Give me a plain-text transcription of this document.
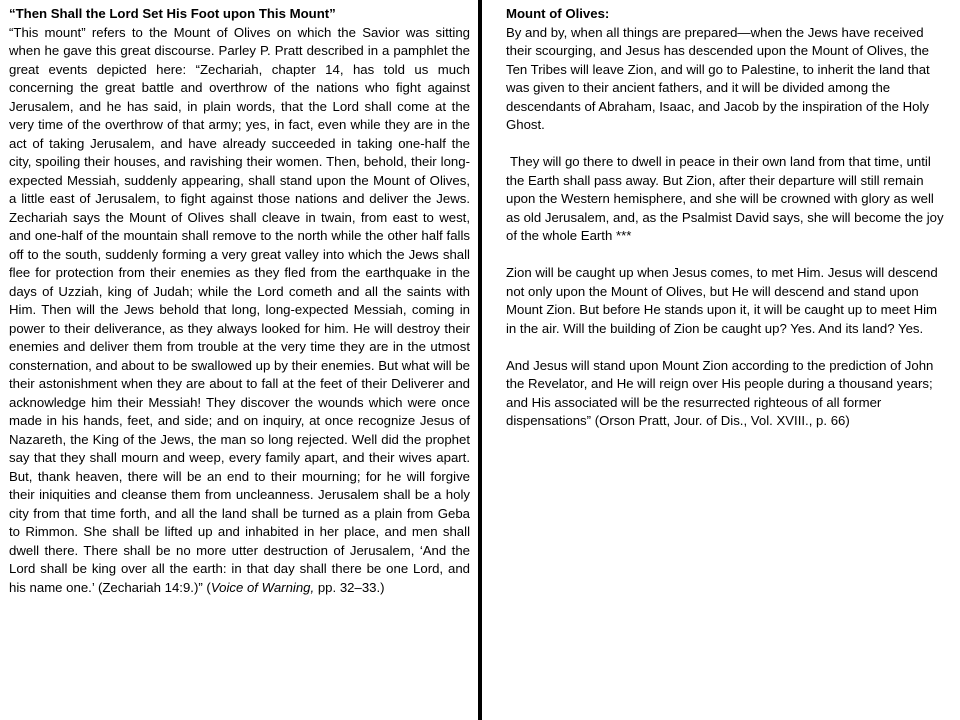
“Then Shall the Lord Set His Foot upon This Mount”

“This mount” refers to the Mount of Olives on which the Savior was sitting when he gave this great discourse. Parley P. Pratt described in a pamphlet the great events depicted here: “Zechariah, chapter 14, has told us much concerning the great battle and overthrow of the nations who fight against Jerusalem, and he has said, in plain words, that the Lord shall come at the very time of the overthrow of that army; yes, in fact, even while they are in the act of taking Jerusalem, and have already succeeded in taking one-half the city, spoiling their houses, and ravishing their women. Then, behold, their long-expected Messiah, suddenly appearing, shall stand upon the Mount of Olives, a little east of Jerusalem, to fight against those nations and deliver the Jews. Zechariah says the Mount of Olives shall cleave in twain, from east to west, and one-half of the mountain shall remove to the north while the other half falls off to the south, suddenly forming a very great valley into which the Jews shall flee for protection from their enemies as they fled from the earthquake in the days of Uzziah, king of Judah; while the Lord cometh and all the saints with Him. Then will the Jews behold that long, long-expected Messiah, coming in power to their deliverance, as they always looked for him. He will destroy their enemies and deliver them from trouble at the very time they are in the utmost consternation, and about to be swallowed up by their enemies. But what will be their astonishment when they are about to fall at the feet of their Deliverer and acknowledge him their Messiah! They discover the wounds which were once made in his hands, feet, and side; and on inquiry, at once recognize Jesus of Nazareth, the King of the Jews, the man so long rejected. Well did the prophet say that they shall mourn and weep, every family apart, and their wives apart. But, thank heaven, there will be an end to their mourning; for he will forgive their iniquities and cleanse them from uncleanness. Jerusalem shall be a holy city from that time forth, and all the land shall be turned as a plain from Geba to Rimmon. She shall be lifted up and inhabited in her place, and men shall dwell there. There shall be no more utter destruction of Jerusalem, ‘And the Lord shall be king over all the earth: in that day shall there be one Lord, and his name one.’ (Zechariah 14:9.)” (Voice of Warning, pp. 32–33.)

Mount of Olives:

By and by, when all things are prepared—when the Jews have received their scourging, and Jesus has descended upon the Mount of Olives, the Ten Tribes will leave Zion, and will go to Palestine, to inherit the land that was given to their ancient fathers, and it will be divided among the descendants of Abraham, Isaac, and Jacob by the inspiration of the Holy Ghost.

They will go there to dwell in peace in their own land from that time, until the Earth shall pass away. But Zion, after their departure will still remain upon the Western hemisphere, and she will be crowned with glory as well as old Jerusalem, and, as the Psalmist David says, she will become the joy of the whole Earth ***

Zion will be caught up when Jesus comes, to met Him. Jesus will descend not only upon the Mount of Olives, but He will descend and stand upon Mount Zion. But before He stands upon it, it will be caught up to meet Him in the air. Will the building of Zion be caught up? Yes. And its land? Yes.

And Jesus will stand upon Mount Zion according to the prediction of John the Revelator, and He will reign over His people during a thousand years; and His associated will be the resurrected righteous of all former dispensations” (Orson Pratt, Jour. of Dis., Vol. XVIII., p. 66)
